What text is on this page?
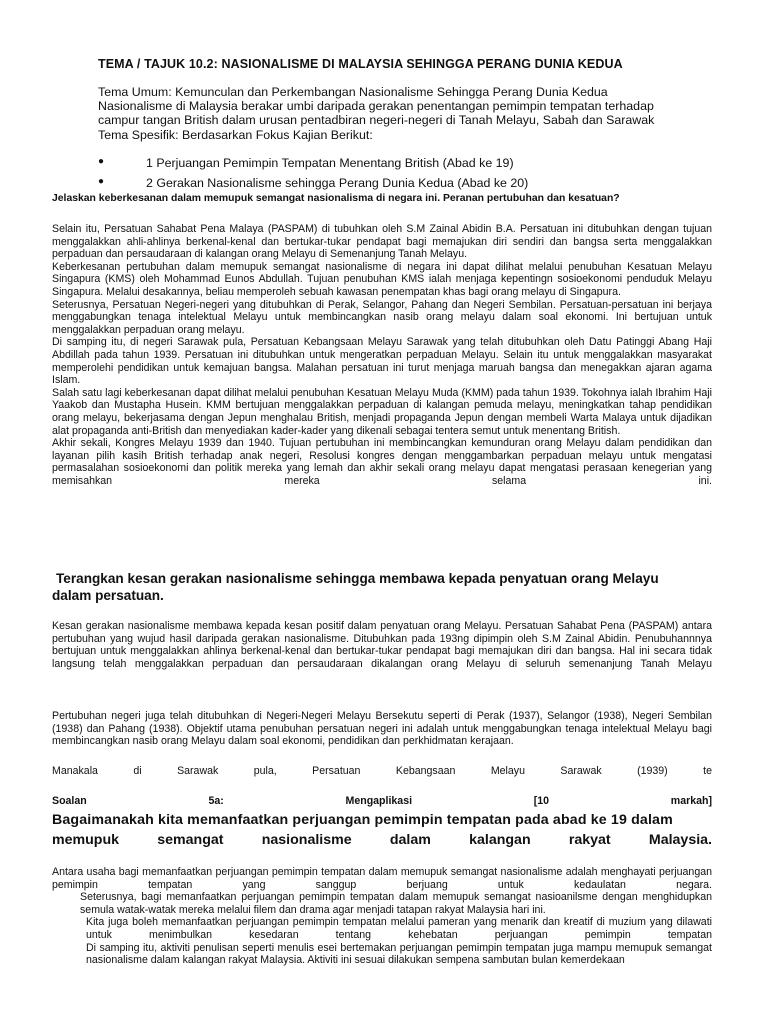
TEMA / TAJUK 10.2: NASIONALISME DI MALAYSIA SEHINGGA PERANG DUNIA KEDUA
Tema Umum: Kemunculan dan Perkembangan Nasionalisme Sehingga Perang Dunia Kedua
Nasionalisme di Malaysia berakar umbi daripada gerakan penentangan pemimpin tempatan terhadap
campur tangan British dalam urusan pentadbiran negeri-negeri di Tanah Melayu, Sabah dan Sarawak
Tema Spesifik: Berdasarkan Fokus Kajian Berikut:
●	1 Perjuangan Pemimpin Tempatan Menentang British (Abad ke 19)
●	2 Gerakan Nasionalisme sehingga Perang Dunia Kedua (Abad ke 20)
Jelaskan keberkesanan dalam memupuk semangat nasionalisma di negara ini. Peranan pertubuhan dan kesatuan?

Selain itu, Persatuan Sahabat Pena Malaya (PASPAM) di tubuhkan oleh S.M Zainal Abidin B.A. Persatuan ini ditubuhkan dengan tujuan menggalakkan ahli-ahlinya berkenal-kenal dan bertukar-tukar pendapat bagi memajukan diri sendiri dan bangsa serta menggalakkan perpaduan dan persaudaraan di kalangan orang Melayu di Semenanjung Tanah Melayu.

Keberkesanan pertubuhan dalam memupuk semangat nasionalisme di negara ini dapat dilihat melalui penubuhan Kesatuan Melayu Singapura (KMS) oleh Mohammad Eunos Abdullah. Tujuan penubuhan KMS ialah menjaga kepentingn sosioekonomi penduduk Melayu Singapura. Melalui desakannya, beliau memperoleh sebuah kawasan penempatan khas bagi orang melayu di Singapura.

Seterusnya, Persatuan Negeri-negeri yang ditubuhkan di Perak, Selangor, Pahang dan Negeri Sembilan. Persatuan-persatuan ini berjaya menggabungkan tenaga intelektual Melayu untuk membincangkan nasib orang melayu dalam soal ekonomi. Ini bertujuan untuk menggalakkan perpaduan orang melayu.

Di samping itu, di negeri Sarawak pula, Persatuan Kebangsaan Melayu Sarawak yang telah ditubuhkan oleh Datu Patinggi Abang Haji Abdillah pada tahun 1939. Persatuan ini ditubuhkan untuk mengeratkan perpaduan Melayu. Selain itu untuk menggalakkan masyarakat memperolehi pendidikan untuk kemajuan bangsa. Malahan persatuan ini turut menjaga maruah bangsa dan menegakkan ajaran agama Islam.

Salah satu lagi keberkesanan dapat dilihat melalui penubuhan Kesatuan Melayu Muda (KMM) pada tahun 1939. Tokohnya ialah Ibrahim Haji Yaakob dan Mustapha Husein. KMM bertujuan menggalakkan perpaduan di kalangan pemuda melayu, meningkatkan tahap pendidikan orang melayu, bekerjasama dengan Jepun menghalau British, menjadi propaganda Jepun dengan membeli Warta Malaya untuk dijadikan alat propaganda anti-British dan menyediakan kader-kader yang dikenali sebagai tentera semut untuk menentang British.

Akhir sekali, Kongres Melayu 1939 dan 1940. Tujuan pertubuhan ini membincangkan kemunduran orang Melayu dalam pendidikan dan layanan pilih kasih British terhadap anak negeri, Resolusi kongres dengan menggambarkan perpaduan melayu untuk mengatasi permasalahan sosioekonomi dan politik mereka yang lemah dan akhir sekali orang melayu dapat mengatasi perasaan kenegerian yang memisahkan mereka selama ini.

Terangkan kesan gerakan nasionalisme sehingga membawa kepada penyatuan orang Melayu
dalam persatuan.

Kesan gerakan nasionalisme membawa kepada kesan positif dalam penyatuan orang Melayu. Persatuan Sahabat Pena (PASPAM) antara pertubuhan yang wujud hasil daripada gerakan nasionalisme. Ditubuhkan pada 193ng dipimpin oleh S.M Zainal Abidin. Penubuhannnya bertujuan untuk menggalakkan ahlinya berkenal-kenal dan bertukar-tukar pendapat bagi memajukan diri dan bangsa. Hal ini secara tidak langsung telah menggalakkan perpaduan dan persaudaraan dikalangan orang Melayu di seluruh semenanjung Tanah Melayu

Pertubuhan negeri juga telah ditubuhkan di Negeri-Negeri Melayu Bersekutu seperti di Perak (1937), Selangor (1938), Negeri Sembilan (1938) dan Pahang (1938). Objektif utama penubuhan persatuan negeri ini adalah untuk menggabungkan tenaga intelektual Melayu bagi membincangkan nasib orang Melayu dalam soal ekonomi, pendidikan dan perkhidmatan kerajaan.

Manakala di Sarawak pula, Persatuan Kebangsaan Melayu Sarawak (1939) te

Soalan	5a:	Mengaplikasi	[10	markah]
Bagaimanakah kita memanfaatkan perjuangan pemimpin tempatan pada abad ke 19 dalam
memupuk semangat nasionalisme dalam kalangan rakyat Malaysia.

Antara usaha bagi memanfaatkan perjuangan pemimpin tempatan dalam memupuk semangat nasionalisme adalah menghayati perjuangan pemimpin tempatan yang sanggup berjuang untuk kedaulatan negara.

Seterusnya, bagi memanfaatkan perjuangan pemimpin tempatan dalam memupuk semangat nasioanilsme dengan menghidupkan semula watak-watak mereka melalui filem dan drama agar menjadi tatapan rakyat Malaysia hari ini.

Kita juga boleh memanfaatkan perjuangan pemimpin tempatan melalui pameran yang menarik dan kreatif di muzium yang dilawati untuk menimbulkan kesedaran tentang kehebatan perjuangan pemimpin tempatan

Di samping itu, aktiviti penulisan seperti menulis esei bertemakan perjuangan pemimpin tempatan juga mampu memupuk semangat nasionalisme dalam kalangan rakyat Malaysia. Aktiviti ini sesuai dilakukan sempena sambutan bulan kemerdekaan
